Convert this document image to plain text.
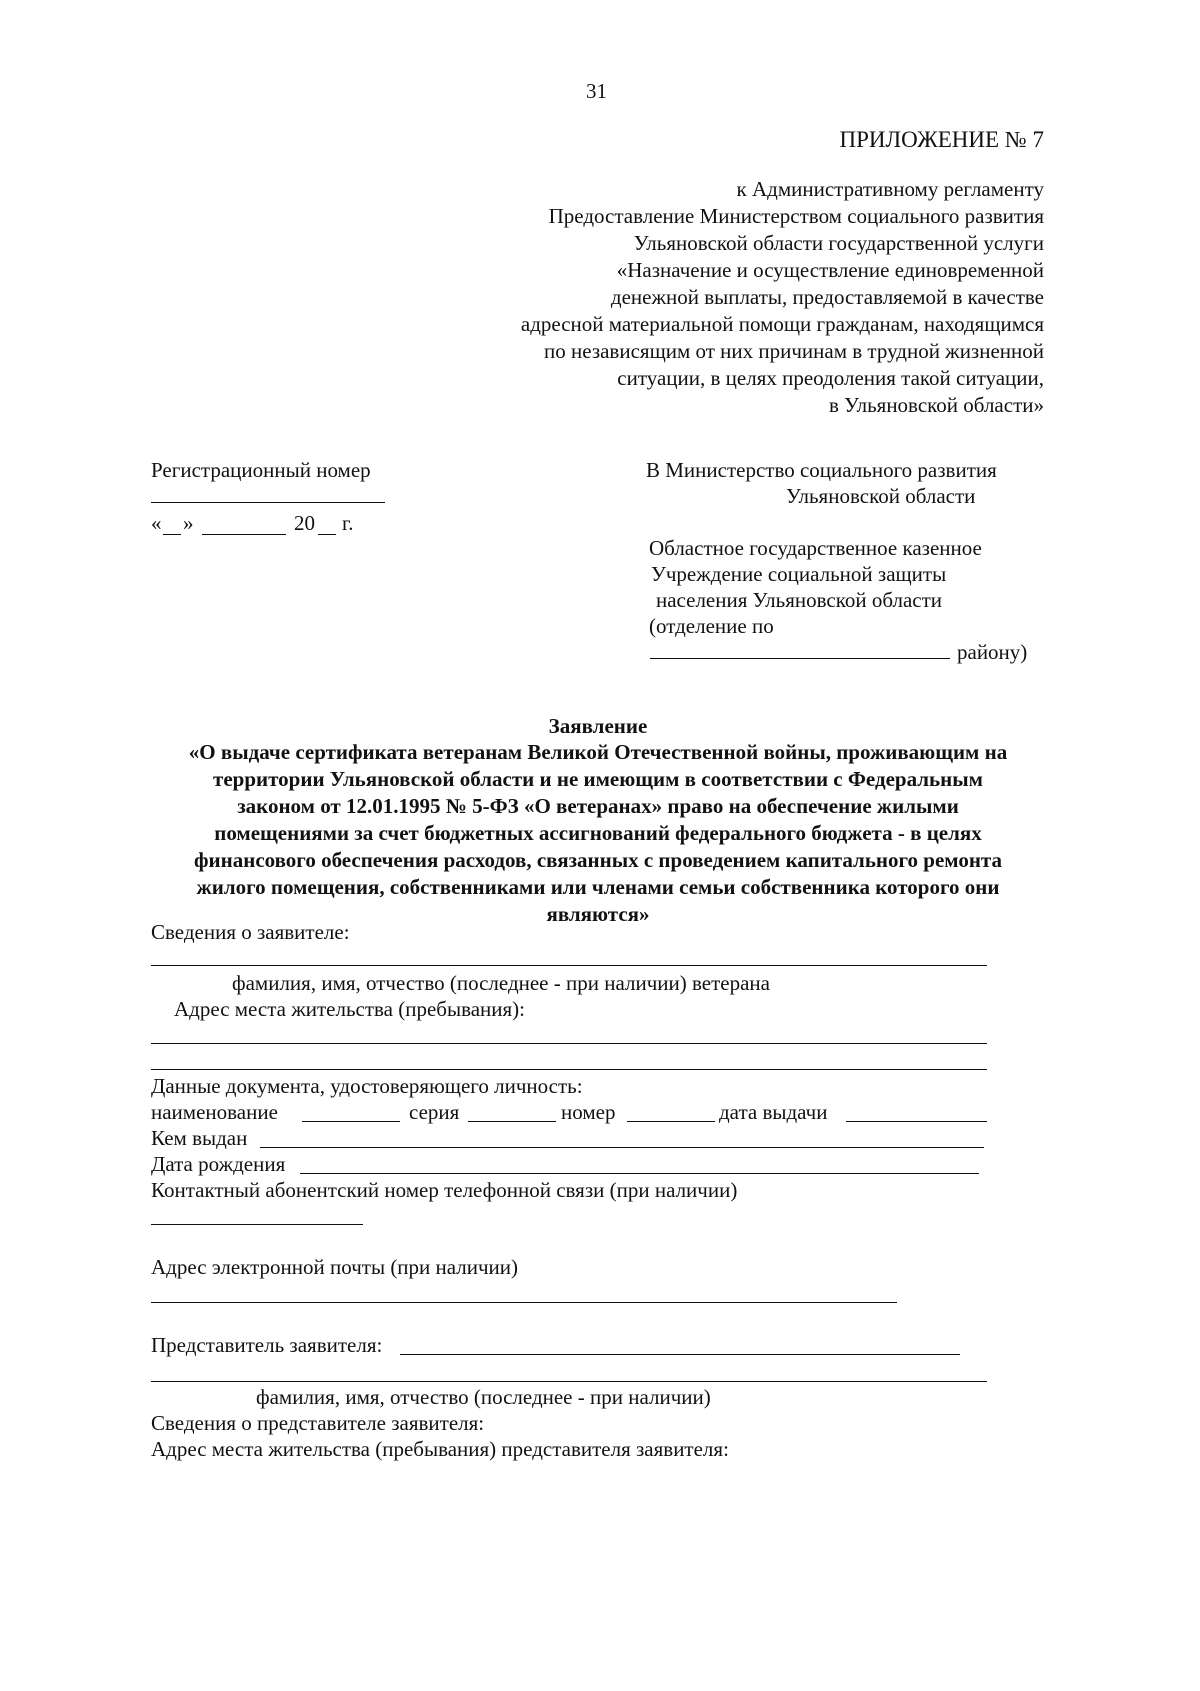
31
ПРИЛОЖЕНИЕ № 7
к Административному регламенту
Предоставление Министерством социального развития
Ульяновской области государственной услуги
«Назначение и осуществление единовременной
денежной выплаты, предоставляемой в качестве
адресной материальной помощи гражданам, находящимся
по независящим от них причинам в трудной жизненной
ситуации, в целях преодоления такой ситуации,
в Ульяновской области»
Регистрационный номер
« »	20 г.
В Министерство социального развития
Ульяновской области
Областное государственное казенное
Учреждение социальной защиты
населения Ульяновской области
(отделение по
району)
Заявление
«О выдаче сертификата ветеранам Великой Отечественной войны, проживающим на
территории Ульяновской области и не имеющим в соответствии с Федеральным
законом от 12.01.1995 № 5-ФЗ «О ветеранах» право на обеспечение жилыми
помещениями за счет бюджетных ассигнований федерального бюджета - в целях
финансового обеспечения расходов, связанных с проведением капитального ремонта
жилого помещения, собственниками или членами семьи собственника которого они
являются»
Сведения о заявителе:
фамилия, имя, отчество (последнее - при наличии) ветерана
Адрес места жительства (пребывания):
Данные документа, удостоверяющего личность:
наименование	серия	номер	дата выдачи
Кем выдан
Дата рождения
Контактный абонентский номер телефонной связи (при наличии)
Адрес электронной почты (при наличии)
Представитель заявителя:
фамилия, имя, отчество (последнее - при наличии)
Сведения о представителе заявителя:
Адрес места жительства (пребывания) представителя заявителя:
